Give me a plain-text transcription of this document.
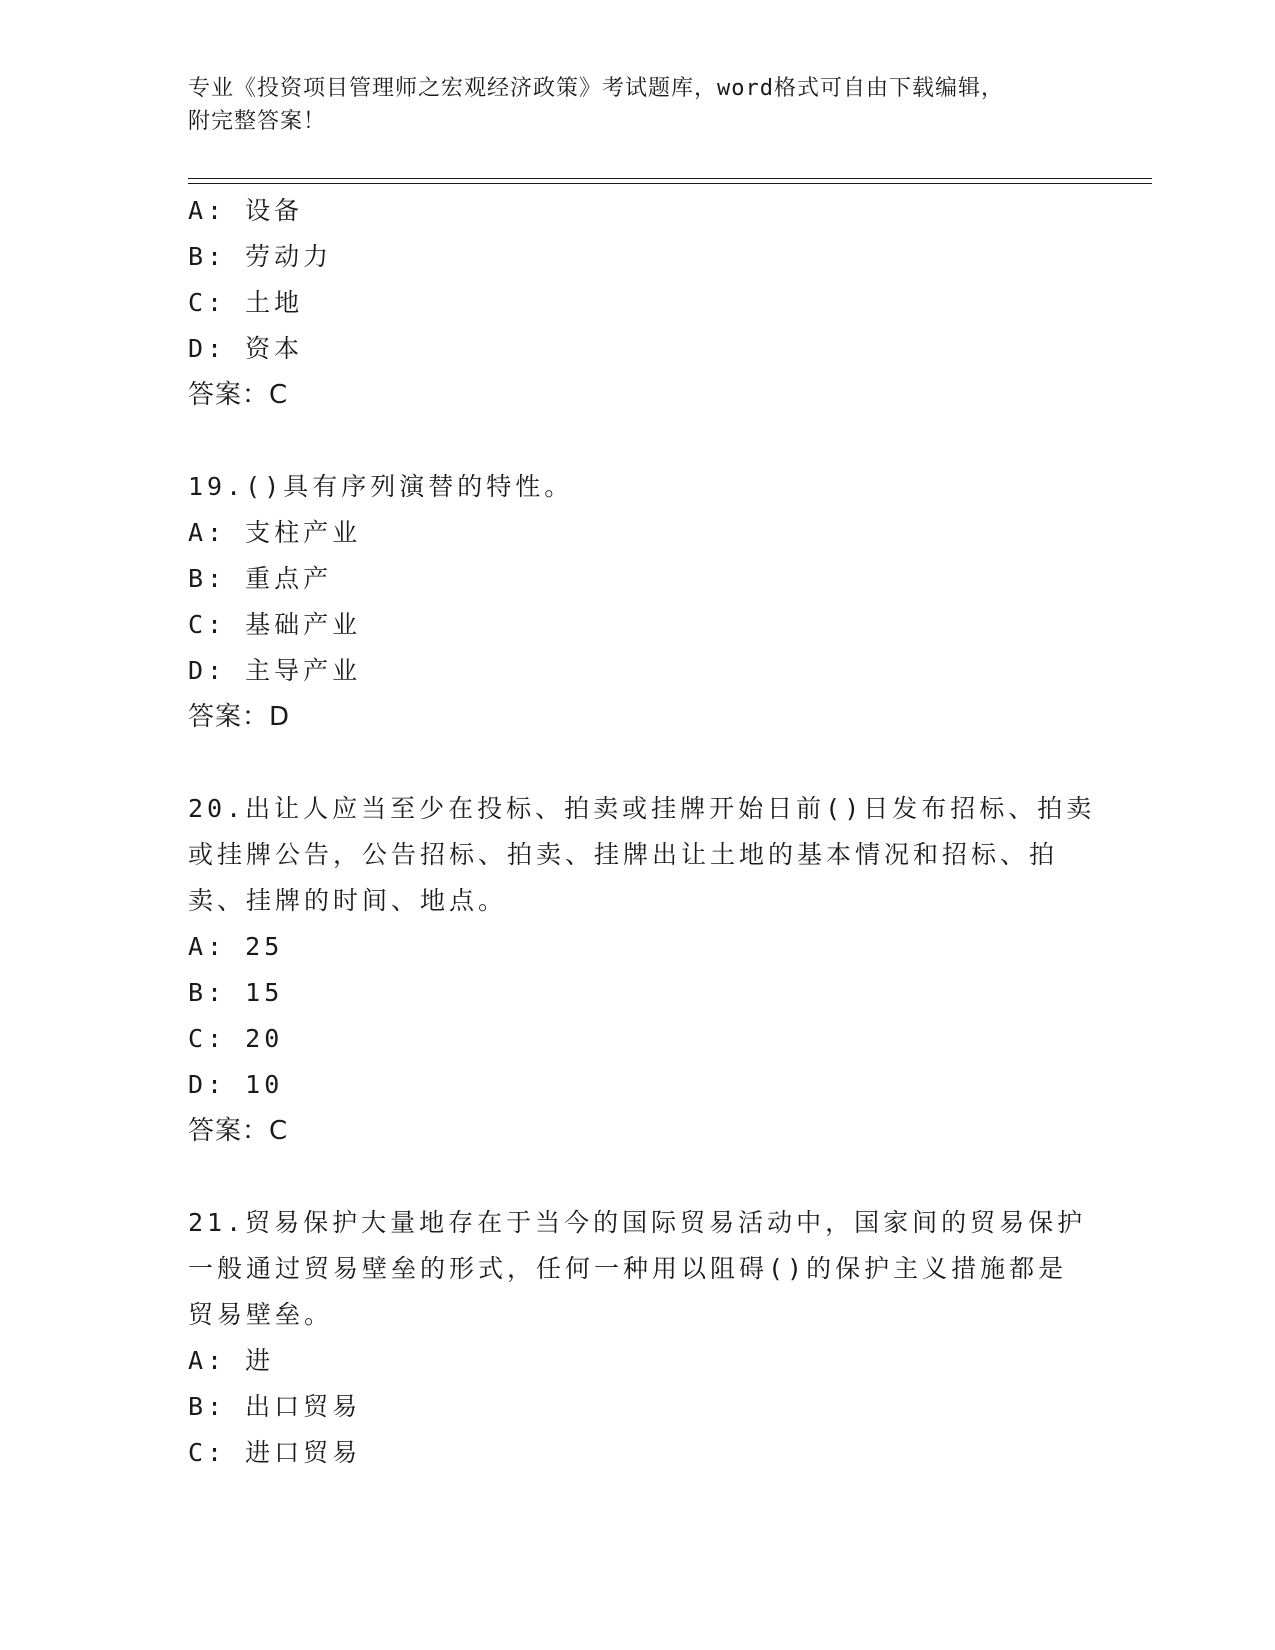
专业《投资项目管理师之宏观经济政策》考试题库，word格式可自由下载编辑，
附完整答案！
A: 设备
B: 劳动力
C: 土地
D: 资本
答案：C
19.()具有序列演替的特性。
A: 支柱产业
B: 重点产
C: 基础产业
D: 主导产业
答案：D
20.出让人应当至少在投标、拍卖或挂牌开始日前()日发布招标、拍卖
或挂牌公告，公告招标、拍卖、挂牌出让土地的基本情况和招标、拍
卖、挂牌的时间、地点。
A: 25
B: 15
C: 20
D: 10
答案：C
21.贸易保护大量地存在于当今的国际贸易活动中，国家间的贸易保护
一般通过贸易壁垒的形式，任何一种用以阻碍()的保护主义措施都是
贸易壁垒。
A: 进
B: 出口贸易
C: 进口贸易
